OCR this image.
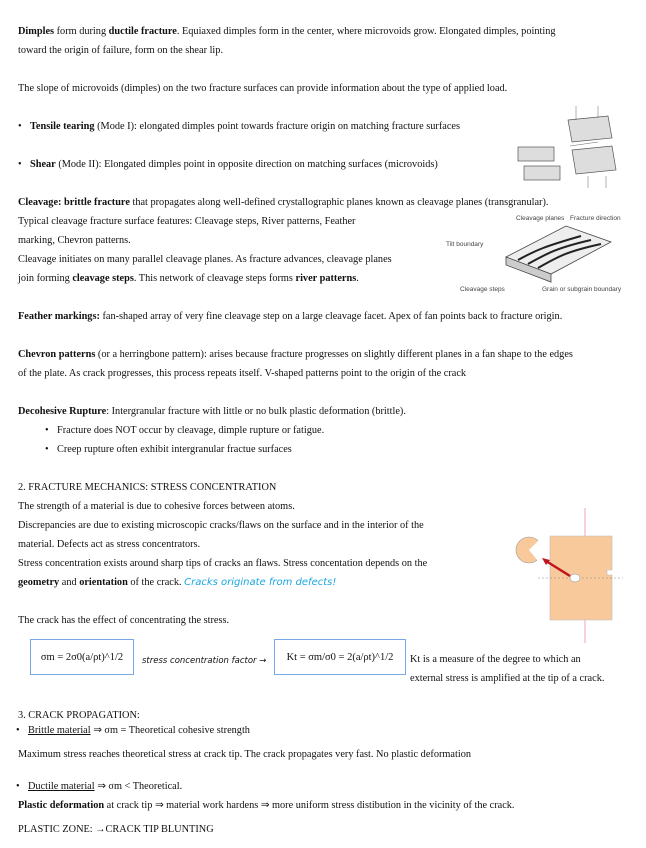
Dimples form during ductile fracture. Equiaxed dimples form in the center, where microvoids grow. Elongated dimples, pointing
toward the origin of failure, form on the shear lip.
The slope of microvoids (dimples) on the two fracture surfaces can provide information about the type of applied load.
• Tensile tearing (Mode I): elongated dimples point towards fracture origin on matching fracture surfaces
• Shear (Mode II): Elongated dimples point in opposite direction on matching surfaces (microvoids)
Cleavage: brittle fracture that propagates along well-defined crystallographic planes known as cleavage planes (transgranular).
Typical cleavage fracture surface features: Cleavage steps, River patterns, Feather
marking, Chevron patterns.
Cleavage initiates on many parallel cleavage planes. As fracture advances, cleavage planes
join forming cleavage steps. This network of cleavage steps forms river patterns.
Cleavage planes Fracture direction
Tilt boundary
Cleavage steps	Grain or subgrain boundary
Feather markings: fan-shaped array of very fine cleavage step on a large cleavage facet. Apex of fan points back to fracture origin.
Chevron patterns (or a herringbone pattern): arises because fracture progresses on slightly different planes in a fan shape to the edges
of the plate. As crack progresses, this process repeats itself. V-shaped patterns point to the origin of the crack
Decohesive Rupture: Intergranular fracture with little or no bulk plastic deformation (brittle).
• Fracture does NOT occur by cleavage, dimple rupture or fatigue.
• Creep rupture often exhibit intergranular fractue surfaces
2. FRACTURE MECHANICS: STRESS CONCENTRATION
The strength of a material is due to cohesive forces between atoms.
Discrepancies are due to existing microscopic cracks/flaws on the surface and in the interior of the
material. Defects act as stress concentrators.
Stress concentration exists around sharp tips of cracks an flaws. Stress concentation depends on the
geometry and orientation of the crack. Cracks originate from defects!
The crack has the effect of concentrating the stress.
σm = 2σ0(a/ρt)^1/2 stress concentration factor → Kt = σm/σ0 = 2(a/ρt)^1/2 Kt is a measure of the degree to which an
external stress is amplified at the tip of a crack.
3. CRACK PROPAGATION:
• Brittle material ⇒ σm = Theoretical cohesive strength
Maximum stress reaches theoretical stress at crack tip. The crack propagates very fast. No plastic deformation
• Ductile material ⇒ σm < Theoretical.
Plastic deformation at crack tip ⇒ material work hardens ⇒ more uniform stress distibution in the vicinity of the crack.
PLASTIC ZONE: →CRACK TIP BLUNTING
